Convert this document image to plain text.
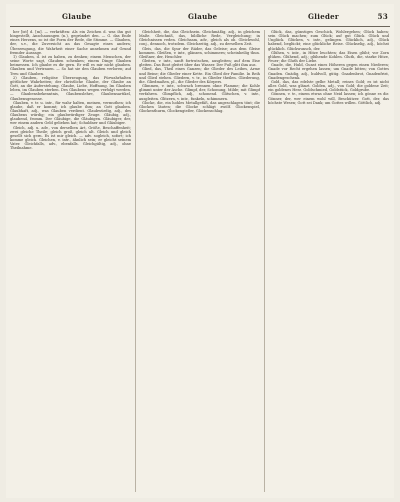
Glaube	Glaube	Glieder	53

her [ist] d. [m]. — verkräften: Als ein Zeichen d. was ihn gut hingestellt, Anschauungen (n.), gegründet den. — G. das Ende eines Herzens, so ist die Form der Rede, die Stimme. — Glauben, der, s.v., die Zuversicht an das Gesagte eines andern; Überzeugung, die Wahrheit einer Sache annehmen auf Grund fremder Aussage.

1) Glauben, d. ist zu haben, zu denken; einem Menschen, der seine Worte sagt, Glauben schenken; einem Dinge Glauben beimessen. Ich glaube es dir gern. Er will es mir nicht glauben. Glauben und Vertrauen. — So hat sie den Glauben verloren; auf Treu und Glauben.

2) Glauben, religiöse Überzeugung, das Fürwahrhalten göttlicher Wahrheiten; der christliche Glaube, der Glaube an Gott, an die Auferstehung. Glaube, Liebe, Hoffnung. Im Glauben leben, im Glauben sterben. Des Glaubens wegen verfolgt werden. — Glaubensbekenntnis, Glaubenslehre, Glaubensartikel, Glaubensgenosse.

Glauben, v. tr. u. intr., für wahr halten, meinen, vermuthen; ich glaube, daß er kommt; ich glaube ihm; an Gott glauben. Glaubhaft, adj., was Glauben verdient. Glaubwürdig, adj., des Glaubens würdig; ein glaubwürdiger Zeuge. Gläubig, adj., glaubend, fromm. Der Gläubige, die Gläubigen. Gläubiger, der, wer einem andern Geld geliehen hat; Schuldner und Gläubiger.

Gleich, adj. u. adv., von derselben Art, Größe, Beschaffenheit; zwei gleiche Theile; gleich groß, gleich alt. Gleich und gleich gesellt sich gern. Es ist mir gleich. — adv. sogleich, sofort; ich komme gleich. Gleichen, v. intr., ähnlich sein; er gleicht seinem Vater. Gleichfalls, adv., ebenfalls. Gleichgültig, adj., ohne Theilnahme.

Gleichheit, die, das Gleichsein. Gleichmäßig, adj., in gleichem Maße. Gleichniß, das, bildliche Rede, Vergleichung; in Gleichnissen reden. Gleichsam, adv., gleich als ob. Gleichwohl, conj., dennoch, trotzdem. Gleichzeitig, adj., zu derselben Zeit.

Gleis, das, die Spur der Räder, das Geleise; aus dem Gleise kommen. Gleißen, v. intr., glänzen, schimmern; scheinheilig thun. Gleißner, der, Heuchler.

Gleiten, v. intr., sanft fortrutschen, ausgleiten; auf dem Eise gleiten. Das Boot gleitet über das Wasser. Der Fuß glitt ihm aus.

Glied, das, Theil eines Ganzen; die Glieder des Leibes, Arme und Beine; die Glieder einer Kette. Ein Glied der Familie. In Reih und Glied stehen. Gliedern, v. tr., in Glieder theilen. Gliederung, die. Gliedmaßen, pl., die Glieder des Körpers.

Glimmen, v. intr., schwach brennen ohne Flamme; die Kohle glimmt unter der Asche. Glimpf, der, Schonung, Milde; mit Glimpf verfahren. Glimpflich, adj., schonend. Glitschen, v. intr., ausgleiten. Glitzern, v. intr., funkeln, schimmern.

Glocke, die, ein hohles Metallgefäß, das angeschlagen tönt; die Glocken läuten; die Glocke schlägt zwölf. Glockenspiel, Glockenthurm, Glockengießer, Glockenschlag.

Glück, das, günstiges Geschick, Wohlergehen; Glück haben; sein Glück machen; zum Glück; auf gut Glück. Glück und Unglück. Glücken, v. intr., gelingen. Glücklich, adj., Glück habend, beglückt; eine glückliche Reise. Glückselig, adj., höchst glücklich. Glückwunsch, der.

Glühen, v. intr., in Hitze leuchten; das Eisen glüht; vor Zorn glühen. Glühend, adj.; glühende Kohlen. Gluth, die, starke Hitze, Feuer; die Gluth der Liebe.

Gnade, die, Huld, Gunst eines Höheren gegen einen Niederen; Gnade vor Recht ergehen lassen; um Gnade bitten; von Gottes Gnaden. Gnädig, adj., huldvoll, gütig. Gnadenbrot, Gnadenfrist, Gnadengeschenk.

Gold, das, das edelste gelbe Metall; reines Gold; es ist nicht alles Gold, was glänzt. Golden, adj., von Gold; die goldene Zeit; ein goldenes Herz. Goldschmied, Goldstück, Goldgrube.

Gönnen, v. tr., einem etwas ohne Neid lassen; ich gönne es dir. Gönner, der, wer einem wohl will, Beschützer. Gott, der, das höchste Wesen; Gott sei Dank; um Gottes willen. Göttlich, adj.
